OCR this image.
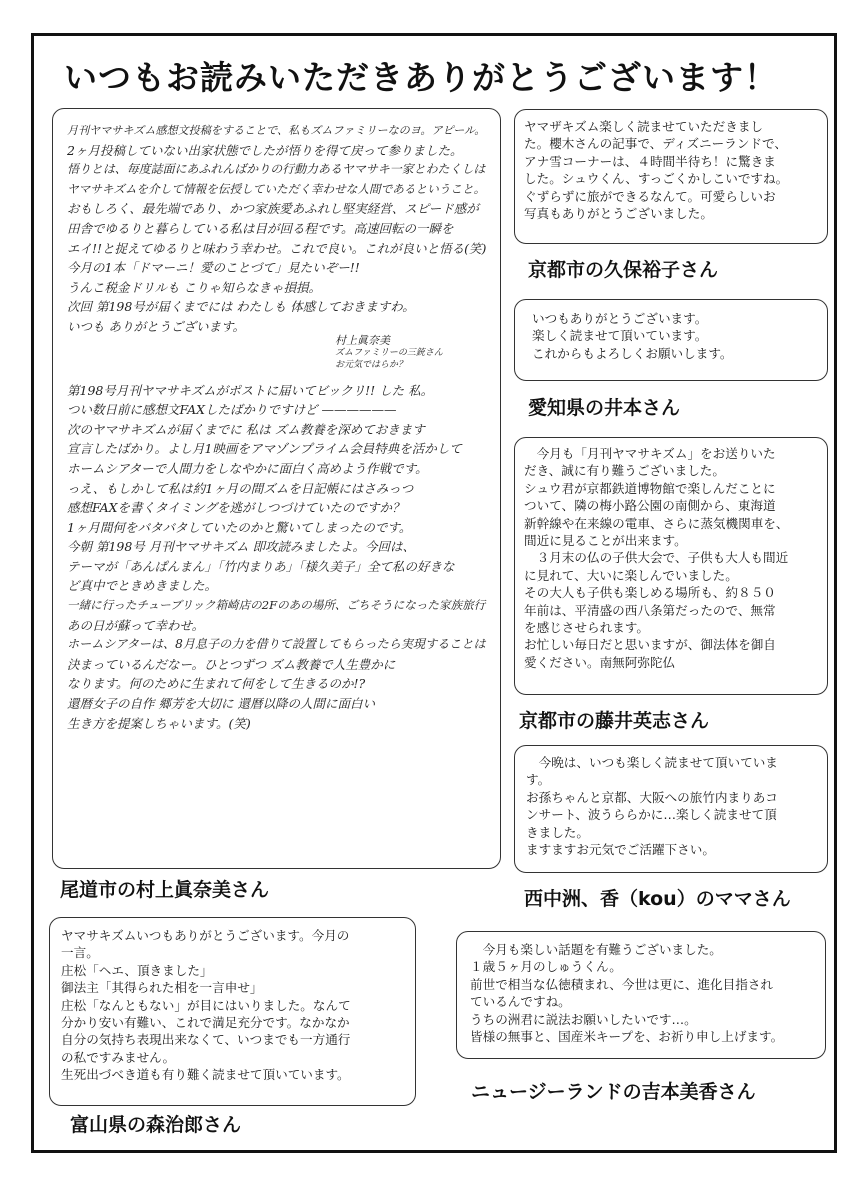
いつもお読みいただきありがとうございます！
月刊ヤマサキズム感想文投稿をすることで、私もズムファミリーなのヨ。アピール。
2ヶ月投稿していない出家状態でしたが悟りを得て戻って参りました。
悟りとは、毎度誌面にあふれんばかりの行動力あるヤマサキ一家とわたくしは
ヤマサキズムを介して情報を伝授していただく幸わせな人間であるということ。
おもしろく、最先端であり、かつ家族愛あふれし堅実経営、スピード感が
田舎でゆるりと暮らしている私は目が回る程です。高速回転の一瞬を
エイ!!と捉えてゆるりと味わう幸わせ。これで良い。これが良いと悟る(笑)
今月の1本「ドマーニ！愛のことづて」見たいぞー!!
うんこ税金ドリルも こりゃ知らなきゃ損損。
次回 第198号が届くまでには わたしも 体感しておきますわ。
いつも ありがとうございます。
村上眞奈美
ズムファミリーの三銃さん
お元気ではらか？
第198号月刊ヤマサキズムがポストに届いてビックリ!! した 私。
つい数日前に感想文FAXしたばかりですけど ——————
次のヤマサキズムが届くまでに 私は ズム教養を深めておきます
宣言したばかり。よし月1映画をアマゾンプライム会員特典を活かして
ホームシアターで人間力をしなやかに面白く高めよう作戦です。
っえ、もしかして私は約1ヶ月の間ズムを日記帳にはさみっつ
感想FAXを書くタイミングを逃がしつづけていたのですか？
1ヶ月間何をバタバタしていたのかと驚いてしまったのです。
今朝 第198号 月刊ヤマサキズム 即攻読みましたよ。今回は、
テーマが「あんぱんまん」「竹内まりあ」「様久美子」全て私の好きな
ど真中でときめきました。
一緒に行ったチューブリック箱崎店の2Fのあの場所、ごちそうになった家族旅行
あの日が蘇って幸わせ。
ホームシアターは、8月息子の力を借りて設置してもらったら実現することは
決まっているんだなー。ひとつずつ ズム教養で人生豊かに
なります。何のために生まれて何をして生きるのか!?
還暦女子の自作 郷芳を大切に 還暦以降の人間に面白い
生き方を提案しちゃいます。(笑)
尾道市の村上眞奈美さん
ヤマザキズム楽しく読ませていただきまし
た。櫻木さんの記事で、ディズニーランドで、
アナ雪コーナーは、４時間半待ち！に驚きま
した。シュウくん、すっごくかしこいですね。
ぐずらずに旅ができるなんて。可愛らしいお
写真もありがとうございました。
京都市の久保裕子さん
いつもありがとうございます。
楽しく読ませて頂いています。
これからもよろしくお願いします。
愛知県の井本さん
　今月も「月刊ヤマサキズム」をお送りいた
だき、誠に有り難うございました。
シュウ君が京都鉄道博物館で楽しんだことに
ついて、隣の梅小路公園の南側から、東海道
新幹線や在来線の電車、さらに蒸気機関車を、
間近に見ることが出来ます。
　３月末の仏の子供大会で、子供も大人も間近
に見れて、大いに楽しんでいました。
その大人も子供も楽しめる場所も、約８５０
年前は、平清盛の西八条第だったので、無常
を感じさせられます。
お忙しい毎日だと思いますが、御法体を御自
愛ください。南無阿弥陀仏
京都市の藤井英志さん
　今晩は、いつも楽しく読ませて頂いていま
す。
お孫ちゃんと京都、大阪への旅竹内まりあコ
ンサート、波うららかに…楽しく読ませて頂
きました。
ますますお元気でご活躍下さい。
西中洲、香（kou）のママさん
ヤマサキズムいつもありがとうございます。今月の
一言。
庄松「ヘエ、頂きました」
御法主「其得られた相を一言申せ」
庄松「なんともない」が目にはいりました。なんて
分かり安い有難い、これで満足充分です。なかなか
自分の気持ち表現出来なくて、いつまでも一方通行
の私ですみません。
生死出づべき道も有り難く読ませて頂いています。
富山県の森治郎さん
　今月も楽しい話題を有難うございました。
１歳５ヶ月のしゅうくん。
前世で相当な仏徳積まれ、今世は更に、進化目指され
ているんですね。
うちの洲君に説法お願いしたいです…。
皆様の無事と、国産米キープを、お祈り申し上げます。
ニュージーランドの吉本美香さん
